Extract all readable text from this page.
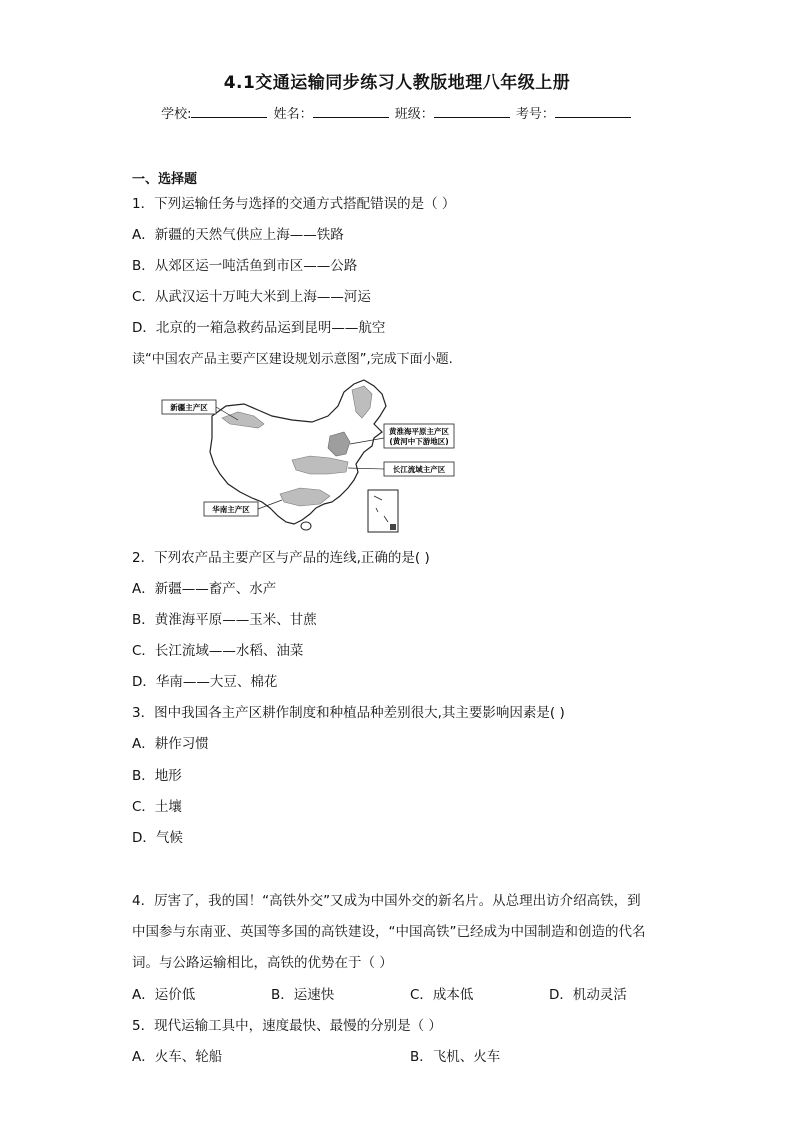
4.1交通运输同步练习人教版地理八年级上册
学校:	姓名：	班级：	考号：
一、选择题
1．下列运输任务与选择的交通方式搭配错误的是（ ）
A．新疆的天然气供应上海——铁路
B．从郊区运一吨活鱼到市区——公路
C．从武汉运十万吨大米到上海——河运
D．北京的一箱急救药品运到昆明——航空
读“中国农产品主要产区建设规划示意图”,完成下面小题.
新疆主产区
黄淮海平原主产区
(黄河中下游地区)
长江流域主产区
华南主产区
2．下列农产品主要产区与产品的连线,正确的是( )
A．新疆——畜产、水产
B．黄淮海平原——玉米、甘蔗
C．长江流域——水稻、油菜
D．华南——大豆、棉花
3．图中我国各主产区耕作制度和种植品种差别很大,其主要影响因素是( )
A．耕作习惯
B．地形
C．土壤
D．气候
4．厉害了，我的国！“高铁外交”又成为中国外交的新名片。从总理出访介绍高铁，到
中国参与东南亚、英国等多国的高铁建设，“中国高铁”已经成为中国制造和创造的代名
词。与公路运输相比，高铁的优势在于（ ）
A．运价低	B．运速快	C．成本低	D．机动灵活
5．现代运输工具中，速度最快、最慢的分别是（ ）
A．火车、轮船	B．飞机、火车
